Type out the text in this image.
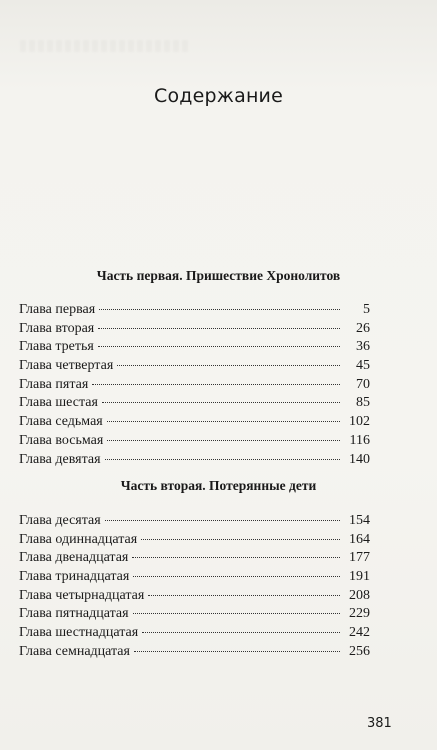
Содержание
Часть первая. Пришествие Хронолитов
Глава первая	5
Глава вторая	26
Глава третья	36
Глава четвертая	45
Глава пятая	70
Глава шестая	85
Глава седьмая	102
Глава восьмая	116
Глава девятая	140
Часть вторая. Потерянные дети
Глава десятая	154
Глава одиннадцатая	164
Глава двенадцатая	177
Глава тринадцатая	191
Глава четырнадцатая	208
Глава пятнадцатая	229
Глава шестнадцатая	242
Глава семнадцатая	256
381
